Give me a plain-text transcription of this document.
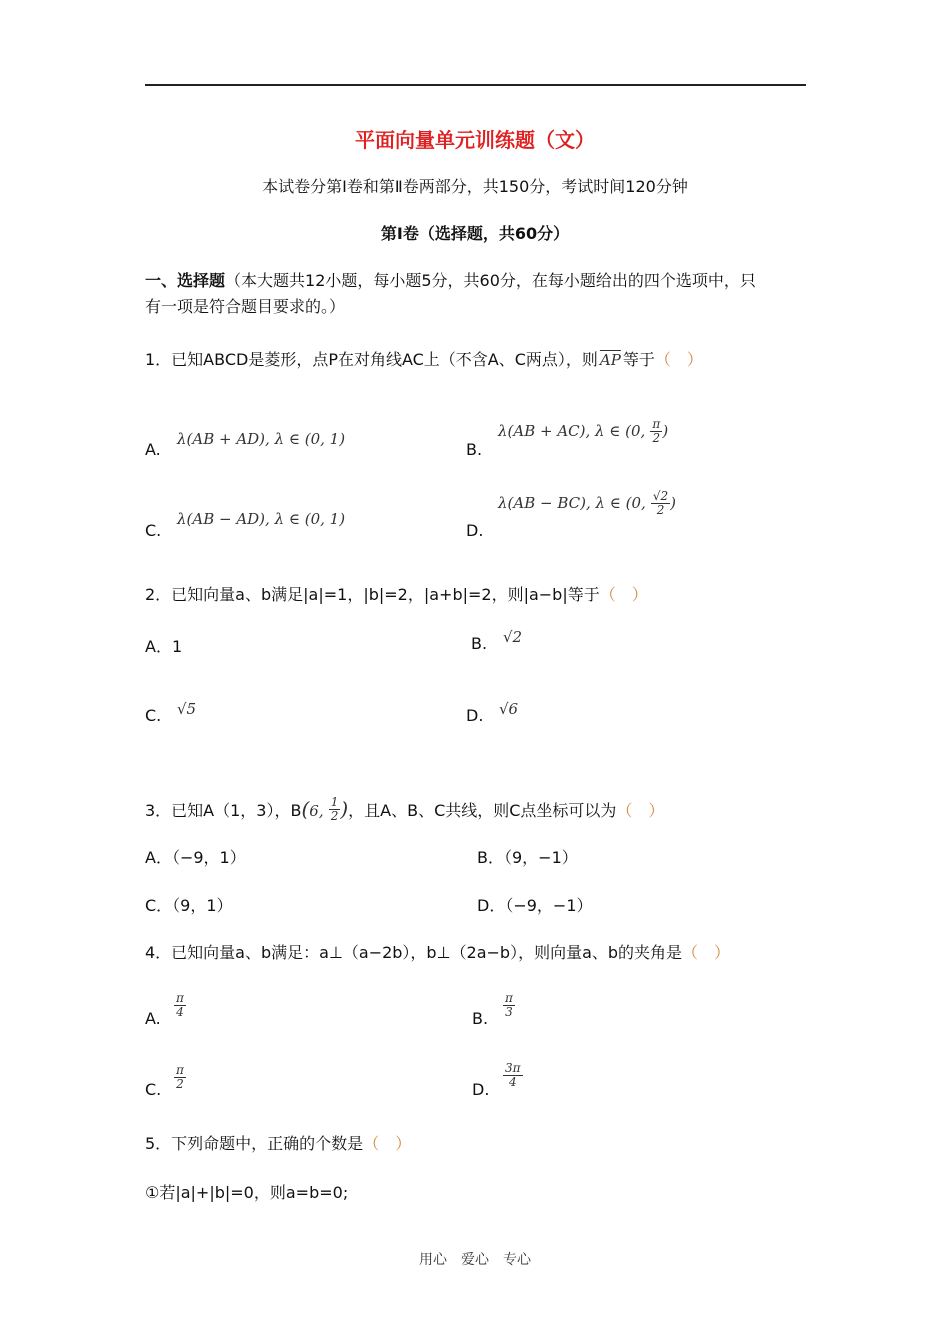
平面向量单元训练题（文）
本试卷分第Ⅰ卷和第Ⅱ卷两部分，共150分，考试时间120分钟
第Ⅰ卷（选择题，共60分）
一、选择题（本大题共12小题，每小题5分，共60分，在每小题给出的四个选项中，只
有一项是符合题目要求的。）
1．已知ABCD是菱形，点P在对角线AC上（不含A、C两点），则 $\overline{AP}$ 等于（　）
A.
λ(AB + AD), λ ∈ (0, 1)
B.
λ(AB + AC), λ ∈ (0, $\frac{\pi}{2}$ )
C.
λ(AB − AD), λ ∈ (0, 1)
D.
λ(AB − BC), λ ∈ (0, $\frac{√2}{2}$ )
2．已知向量a、b满足|a|=1，|b|=2，|a+b|=2，则|a−b|等于（　）
A．1	B. √2
C. √5	D. √6
3．已知A（1，3），B(6, $\frac{1}{2}$ )，且A、B、C共线，则C点坐标可以为（　）
A．（−9，1）	B．（9，−1）
C．（9，1）	D．（−9，−1）
4．已知向量a、b满足：a⊥（a−2b），b⊥（2a−b），则向量a、b的夹角是（　）
A. $\frac{\pi}{4}$	B. $\frac{\pi}{3}$
C. $\frac{\pi}{2}$	D.
$\frac{3\pi}{4}$
5．下列命题中，正确的个数是（　）
①若|a|+|b|=0，则a=b=0;
用心　爱心　专心
